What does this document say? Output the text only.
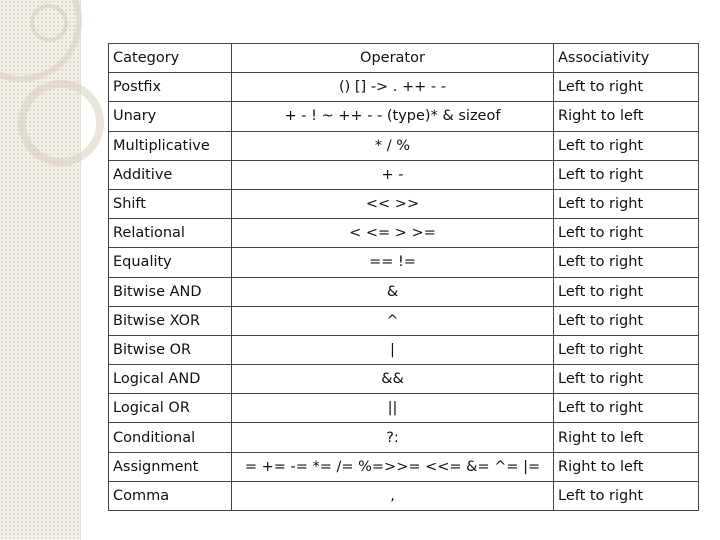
Category	Operator	Associativity
Postfix	() [] -> . ++ - -	Left to right
Unary	+ - ! ~ ++ - - (type)* & sizeof	Right to left
Multiplicative	* / %	Left to right
Additive	+ -	Left to right
Shift	<< >>	Left to right
Relational	< <= > >=	Left to right
Equality	== !=	Left to right
Bitwise AND	&	Left to right
Bitwise XOR	^	Left to right
Bitwise OR	|	Left to right
Logical AND	&&	Left to right
Logical OR	||	Left to right
Conditional	?:	Right to left
Assignment	= += -= *= /= %=>>= <<= &= ^= |=	Right to left
Comma	,	Left to right
